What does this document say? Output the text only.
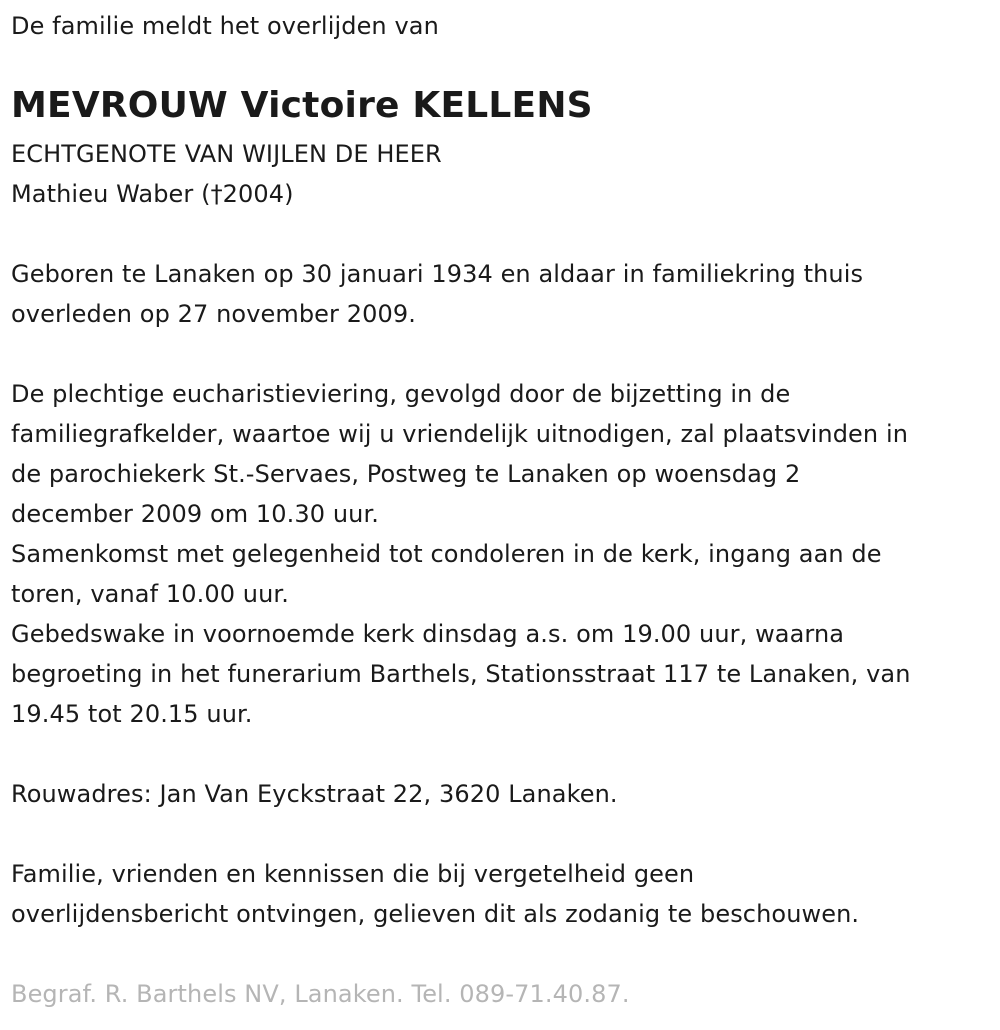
De familie meldt het overlijden van
MEVROUW Victoire KELLENS
ECHTGENOTE VAN WIJLEN DE HEER
Mathieu Waber (†2004)
Geboren te Lanaken op 30 januari 1934 en aldaar in familiekring thuis
overleden op 27 november 2009.
De plechtige eucharistieviering, gevolgd door de bijzetting in de
familiegrafkelder, waartoe wij u vriendelijk uitnodigen, zal plaatsvinden in
de parochiekerk St.-Servaes, Postweg te Lanaken op woensdag 2
december 2009 om 10.30 uur.
Samenkomst met gelegenheid tot condoleren in de kerk, ingang aan de
toren, vanaf 10.00 uur.
Gebedswake in voornoemde kerk dinsdag a.s. om 19.00 uur, waarna
begroeting in het funerarium Barthels, Stationsstraat 117 te Lanaken, van
19.45 tot 20.15 uur.
Rouwadres: Jan Van Eyckstraat 22, 3620 Lanaken.
Familie, vrienden en kennissen die bij vergetelheid geen
overlijdensbericht ontvingen, gelieven dit als zodanig te beschouwen.
Begraf. R. Barthels NV, Lanaken. Tel. 089-71.40.87.
